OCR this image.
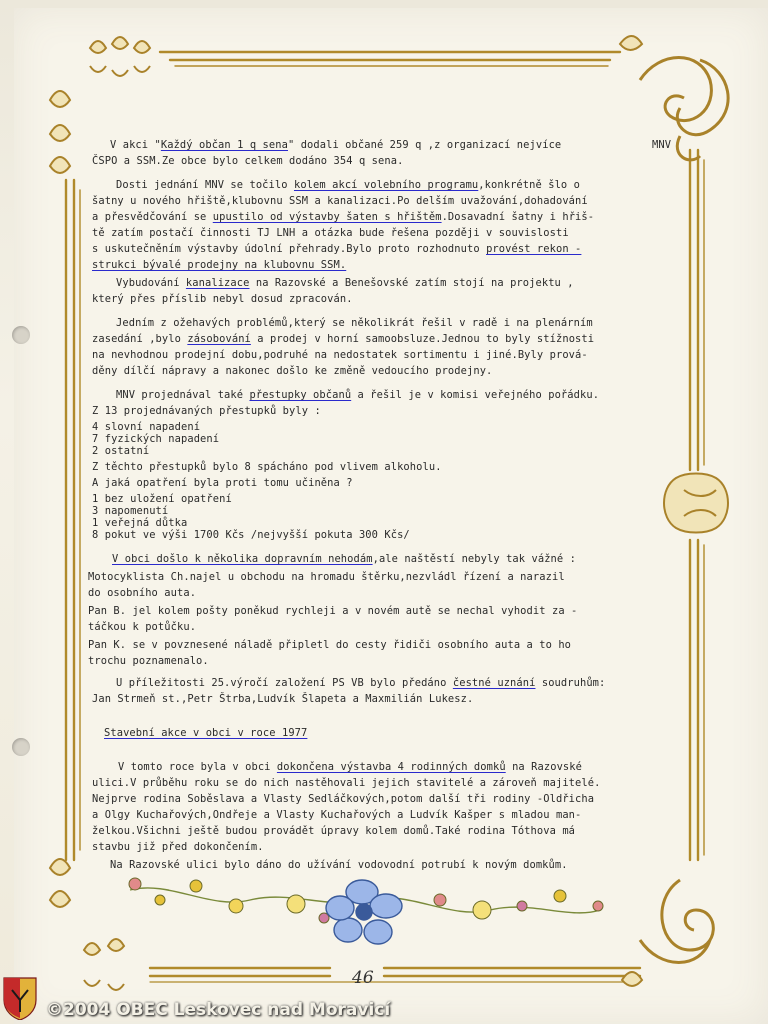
V akci "Každý občan 1 q sena" dodali občané 259 q ,z organizací nejvíce
ČSPO a SSM.Ze obce bylo celkem dodáno 354 q sena.
Dosti jednání MNV se točilo kolem akcí volebního programu,konkrétně šlo o
šatny u nového hřiště,klubovnu SSM a kanalizaci.Po delším uvažování,dohadování
a přesvědčování se upustilo od výstavby šaten s hřištěm.Dosavadní šatny i hřiš-
tě zatím postačí činnosti TJ LNH a otázka bude řešena později v souvislosti
s uskutečněním výstavby údolní přehrady.Bylo proto rozhodnuto provést rekon -
strukci bývalé prodejny na klubovnu SSM.
Vybudování kanalizace na Razovské a Benešovské zatím stojí na projektu ,
který přes příslib nebyl dosud zpracován.
Jedním z ožehavých problémů,který se několikrát řešil v radě i na plenárním
zasedání ,bylo zásobování a prodej v horní samoobsluze.Jednou to byly stížnosti
na nevhodnou prodejní dobu,podruhé na nedostatek sortimentu i jiné.Byly prová-
děny dílčí nápravy a nakonec došlo ke změně vedoucího prodejny.
MNV projednával také přestupky občanů a řešil je v komisi veřejného pořádku.
Z 13 projednávaných přestupků byly :
4 slovní napadení
7 fyzických napadení
2 ostatní
Z těchto přestupků bylo 8 spácháno pod vlivem alkoholu.
A jaká opatření byla proti tomu učiněna ?
1 bez uložení opatření
3 napomenutí
1 veřejná důtka
8 pokut ve výši 1700 Kčs /nejvyšší pokuta 300 Kčs/
V obci došlo k několika dopravním nehodám,ale naštěstí nebyly tak vážné :
Motocyklista Ch.najel u obchodu na hromadu štěrku,nezvládl řízení a narazil
do osobního auta.
Pan B. jel kolem pošty poněkud rychleji a v novém autě se nechal vyhodit za -
táčkou k potůčku.
Pan K. se v povznesené náladě připletl do cesty řidiči osobního auta a to ho
trochu poznamenalo.
U příležitosti 25.výročí založení PS VB bylo předáno čestné uznání soudruhům:
Jan Strmeň st.,Petr Štrba,Ludvík Šlapeta a Maxmilián Lukesz.
Stavební akce v obci v roce 1977
V tomto roce byla v obci dokončena výstavba 4 rodinných domků na Razovské
ulici.V průběhu roku se do nich nastěhovali jejich stavitelé a zároveň majitelé.
Nejprve rodina Soběslava a Vlasty Sedláčkových,potom další tři rodiny -Oldřicha
a Olgy Kuchařových,Ondřeje a Vlasty Kuchařových a Ludvík Kašper s mladou man-
želkou.Všichni ještě budou provádět úpravy kolem domů.Také rodina Tóthova má
stavbu již před dokončením.
Na Razovské ulici bylo dáno do užívání vodovodní potrubí k novým domkům.
MNV
46
©2004 OBEC Leskovec nad Moravicí
